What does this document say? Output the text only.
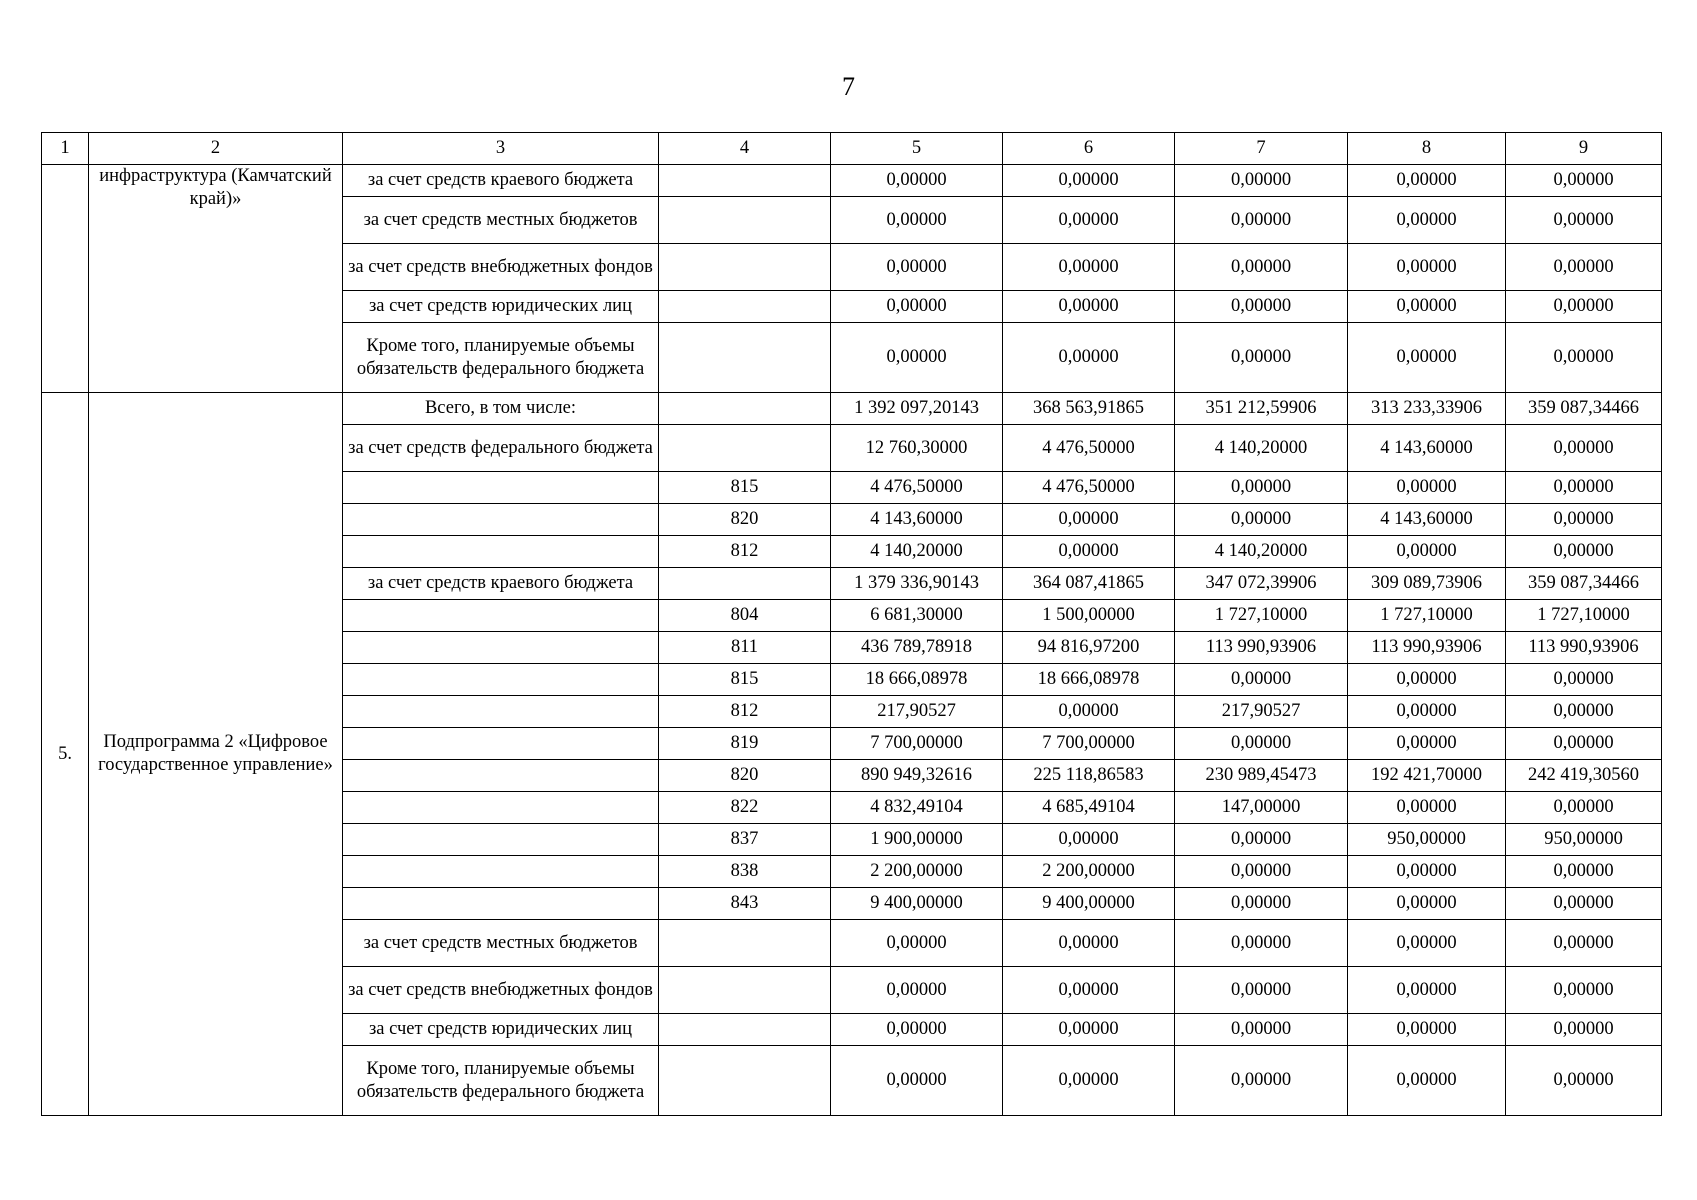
7
1	2	3	4	5	6	7	8	9
	инфраструктура (Камчатский край)»	за счет средств краевого бюджета		0,00000	0,00000	0,00000	0,00000	0,00000
		за счет средств местных бюджетов		0,00000	0,00000	0,00000	0,00000	0,00000
		за счет средств внебюджетных фондов		0,00000	0,00000	0,00000	0,00000	0,00000
		за счет средств юридических лиц		0,00000	0,00000	0,00000	0,00000	0,00000
		Кроме того, планируемые объемы обязательств федерального бюджета		0,00000	0,00000	0,00000	0,00000	0,00000
5.	Подпрограмма 2 «Цифровое государственное управление»	Всего, в том числе:		1 392 097,20143	368 563,91865	351 212,59906	313 233,33906	359 087,34466
		за счет средств федерального бюджета		12 760,30000	4 476,50000	4 140,20000	4 143,60000	0,00000
			815	4 476,50000	4 476,50000	0,00000	0,00000	0,00000
			820	4 143,60000	0,00000	0,00000	4 143,60000	0,00000
			812	4 140,20000	0,00000	4 140,20000	0,00000	0,00000
		за счет средств краевого бюджета		1 379 336,90143	364 087,41865	347 072,39906	309 089,73906	359 087,34466
			804	6 681,30000	1 500,00000	1 727,10000	1 727,10000	1 727,10000
			811	436 789,78918	94 816,97200	113 990,93906	113 990,93906	113 990,93906
			815	18 666,08978	18 666,08978	0,00000	0,00000	0,00000
			812	217,90527	0,00000	217,90527	0,00000	0,00000
			819	7 700,00000	7 700,00000	0,00000	0,00000	0,00000
			820	890 949,32616	225 118,86583	230 989,45473	192 421,70000	242 419,30560
			822	4 832,49104	4 685,49104	147,00000	0,00000	0,00000
			837	1 900,00000	0,00000	0,00000	950,00000	950,00000
			838	2 200,00000	2 200,00000	0,00000	0,00000	0,00000
			843	9 400,00000	9 400,00000	0,00000	0,00000	0,00000
		за счет средств местных бюджетов		0,00000	0,00000	0,00000	0,00000	0,00000
		за счет средств внебюджетных фондов		0,00000	0,00000	0,00000	0,00000	0,00000
		за счет средств юридических лиц		0,00000	0,00000	0,00000	0,00000	0,00000
		Кроме того, планируемые объемы обязательств федерального бюджета		0,00000	0,00000	0,00000	0,00000	0,00000
